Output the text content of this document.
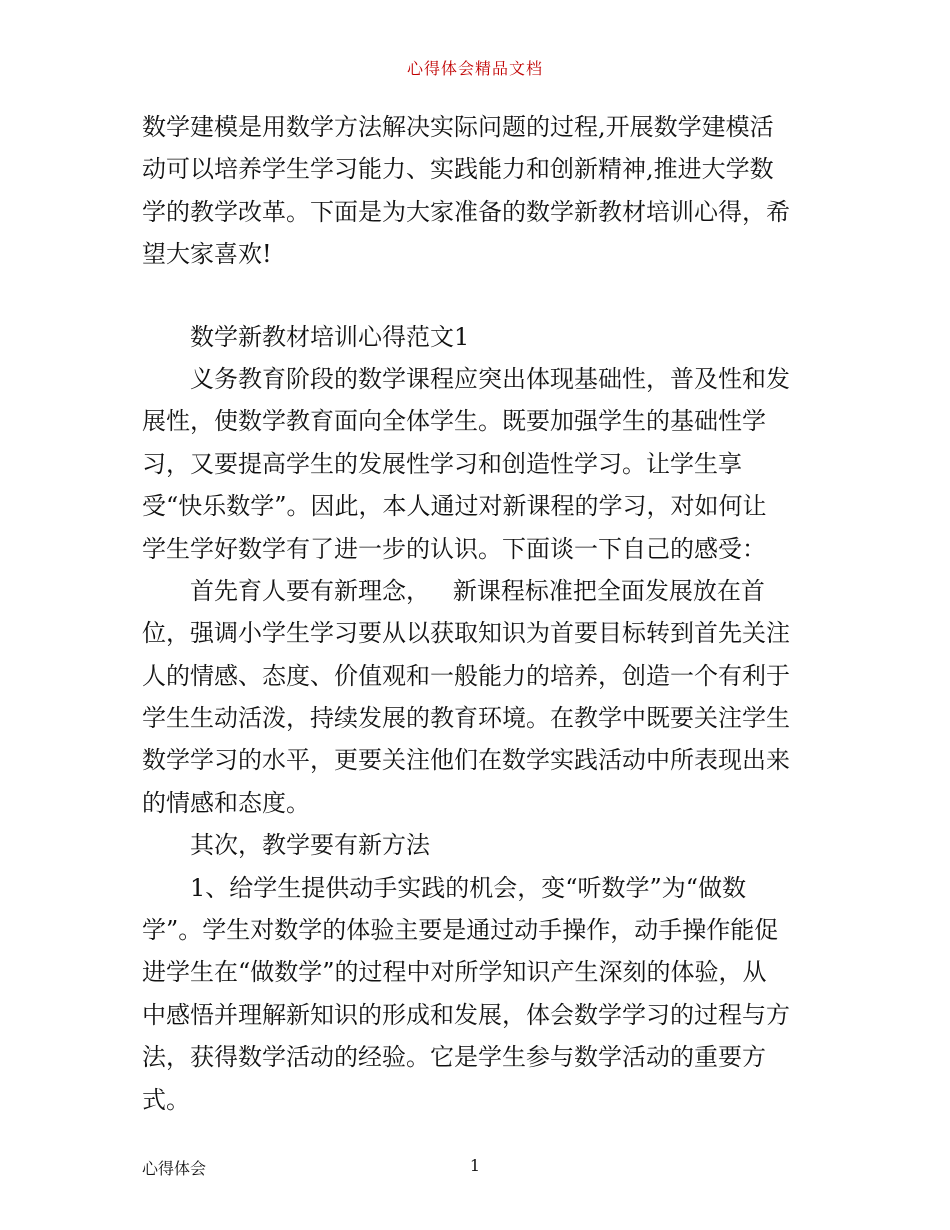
心得体会精品文档
数学建模是用数学方法解决实际问题的过程,开展数学建模活
动可以培养学生学习能力、实践能力和创新精神,推进大学数
学的教学改革。下面是为大家准备的数学新教材培训心得，希
望大家喜欢!
数学新教材培训心得范文1
义务教育阶段的数学课程应突出体现基础性，普及性和发
展性，使数学教育面向全体学生。既要加强学生的基础性学
习，又要提高学生的发展性学习和创造性学习。让学生享
受“快乐数学”。因此，本人通过对新课程的学习，对如何让
学生学好数学有了进一步的认识。下面谈一下自己的感受：
首先育人要有新理念，   新课程标准把全面发展放在首
位，强调小学生学习要从以获取知识为首要目标转到首先关注
人的情感、态度、价值观和一般能力的培养，创造一个有利于
学生生动活泼，持续发展的教育环境。在教学中既要关注学生
数学学习的水平，更要关注他们在数学实践活动中所表现出来
的情感和态度。
其次，教学要有新方法
1、给学生提供动手实践的机会，变“听数学”为“做数
学”。学生对数学的体验主要是通过动手操作，动手操作能促
进学生在“做数学”的过程中对所学知识产生深刻的体验，从
中感悟并理解新知识的形成和发展，体会数学学习的过程与方
法，获得数学活动的经验。它是学生参与数学活动的重要方
式。
心得体会	1
